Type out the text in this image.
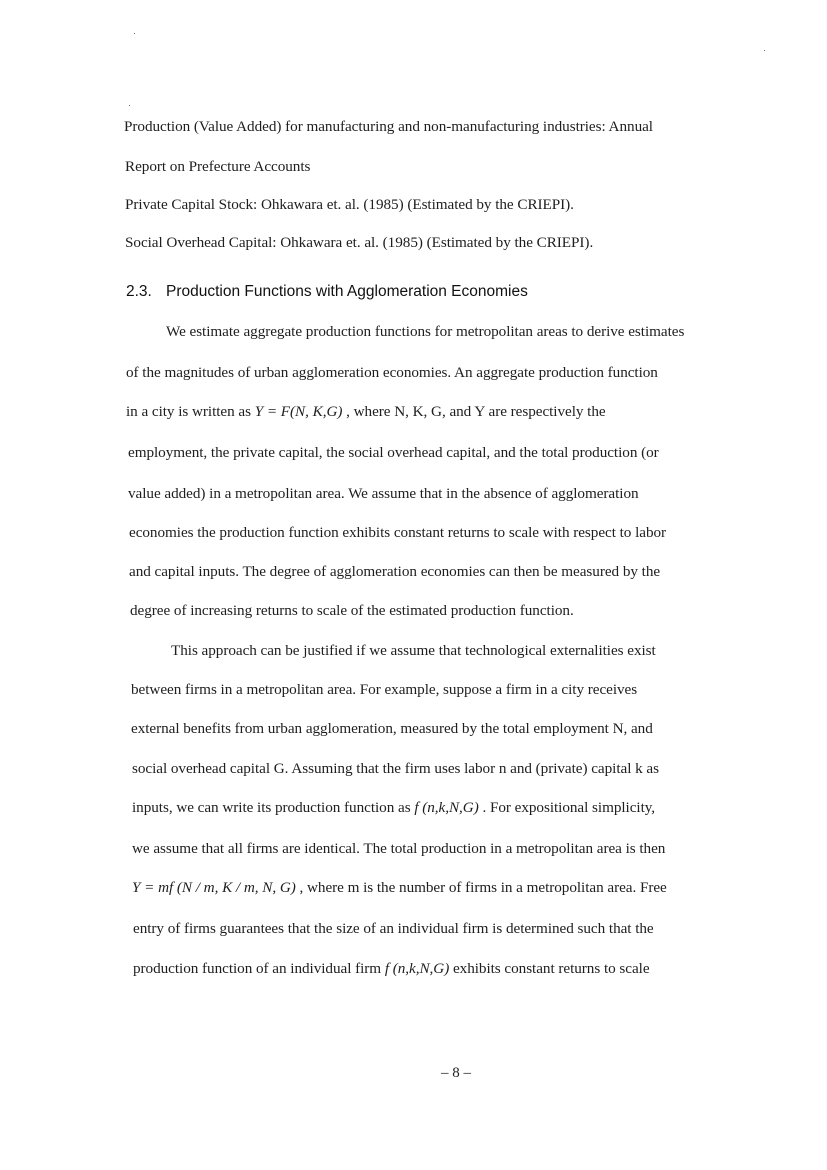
Production (Value Added) for manufacturing and non-manufacturing industries: Annual
Report on Prefecture Accounts
Private Capital Stock: Ohkawara et. al. (1985) (Estimated by the CRIEPI).
Social Overhead Capital: Ohkawara et. al. (1985) (Estimated by the CRIEPI).
2.3. Production Functions with Agglomeration Economies
We estimate aggregate production functions for metropolitan areas to derive estimates
of the magnitudes of urban agglomeration economies. An aggregate production function
in a city is written as Y = F(N, K,G) , where N, K, G, and Y are respectively the
employment, the private capital, the social overhead capital, and the total production (or
value added) in a metropolitan area. We assume that in the absence of agglomeration
economies the production function exhibits constant returns to scale with respect to labor
and capital inputs. The degree of agglomeration economies can then be measured by the
degree of increasing returns to scale of the estimated production function.
This approach can be justified if we assume that technological externalities exist
between firms in a metropolitan area. For example, suppose a firm in a city receives
external benefits from urban agglomeration, measured by the total employment N, and
social overhead capital G. Assuming that the firm uses labor n and (private) capital k as
inputs, we can write its production function as f (n,k,N,G) . For expositional simplicity,
we assume that all firms are identical. The total production in a metropolitan area is then
Y = mf (N / m, K / m, N, G) , where m is the number of firms in a metropolitan area. Free
entry of firms guarantees that the size of an individual firm is determined such that the
production function of an individual firm f (n,k,N,G) exhibits constant returns to scale
– 8 –
